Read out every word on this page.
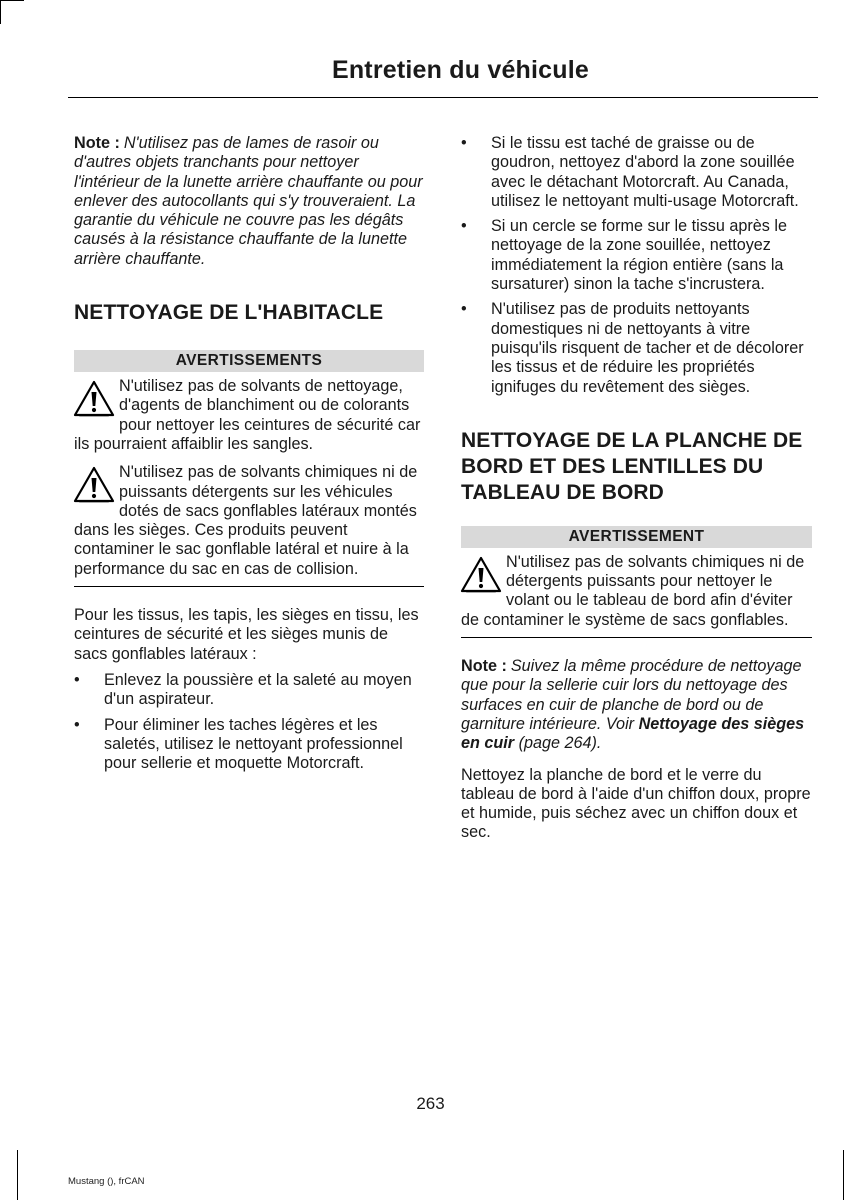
Entretien du véhicule

Note : N'utilisez pas de lames de rasoir ou d'autres objets tranchants pour nettoyer l'intérieur de la lunette arrière chauffante ou pour enlever des autocollants qui s'y trouveraient. La garantie du véhicule ne couvre pas les dégâts causés à la résistance chauffante de la lunette arrière chauffante.

NETTOYAGE DE L'HABITACLE
AVERTISSEMENTS
N'utilisez pas de solvants de nettoyage, d'agents de blanchiment ou de colorants pour nettoyer les ceintures de sécurité car ils pourraient affaiblir les sangles.
N'utilisez pas de solvants chimiques ni de puissants détergents sur les véhicules dotés de sacs gonflables latéraux montés dans les sièges. Ces produits peuvent contaminer le sac gonflable latéral et nuire à la performance du sac en cas de collision.

Pour les tissus, les tapis, les sièges en tissu, les ceintures de sécurité et les sièges munis de sacs gonflables latéraux :

• Enlevez la poussière et la saleté au moyen d'un aspirateur.
• Pour éliminer les taches légères et les saletés, utilisez le nettoyant professionnel pour sellerie et moquette Motorcraft.
• Si le tissu est taché de graisse ou de goudron, nettoyez d'abord la zone souillée avec le détachant Motorcraft. Au Canada, utilisez le nettoyant multi-usage Motorcraft.
• Si un cercle se forme sur le tissu après le nettoyage de la zone souillée, nettoyez immédiatement la région entière (sans la sursaturer) sinon la tache s'incrustera.
• N'utilisez pas de produits nettoyants domestiques ni de nettoyants à vitre puisqu'ils risquent de tacher et de décolorer les tissus et de réduire les propriétés ignifuges du revêtement des sièges.
NETTOYAGE DE LA PLANCHE DE BORD ET DES LENTILLES DU TABLEAU DE BORD
AVERTISSEMENT
N'utilisez pas de solvants chimiques ni de détergents puissants pour nettoyer le volant ou le tableau de bord afin d'éviter de contaminer le système de sacs gonflables.

Note : Suivez la même procédure de nettoyage que pour la sellerie cuir lors du nettoyage des surfaces en cuir de planche de bord ou de garniture intérieure. Voir Nettoyage des sièges en cuir (page 264).

Nettoyez la planche de bord et le verre du tableau de bord à l'aide d'un chiffon doux, propre et humide, puis séchez avec un chiffon doux et sec.

263
Mustang (), frCAN
